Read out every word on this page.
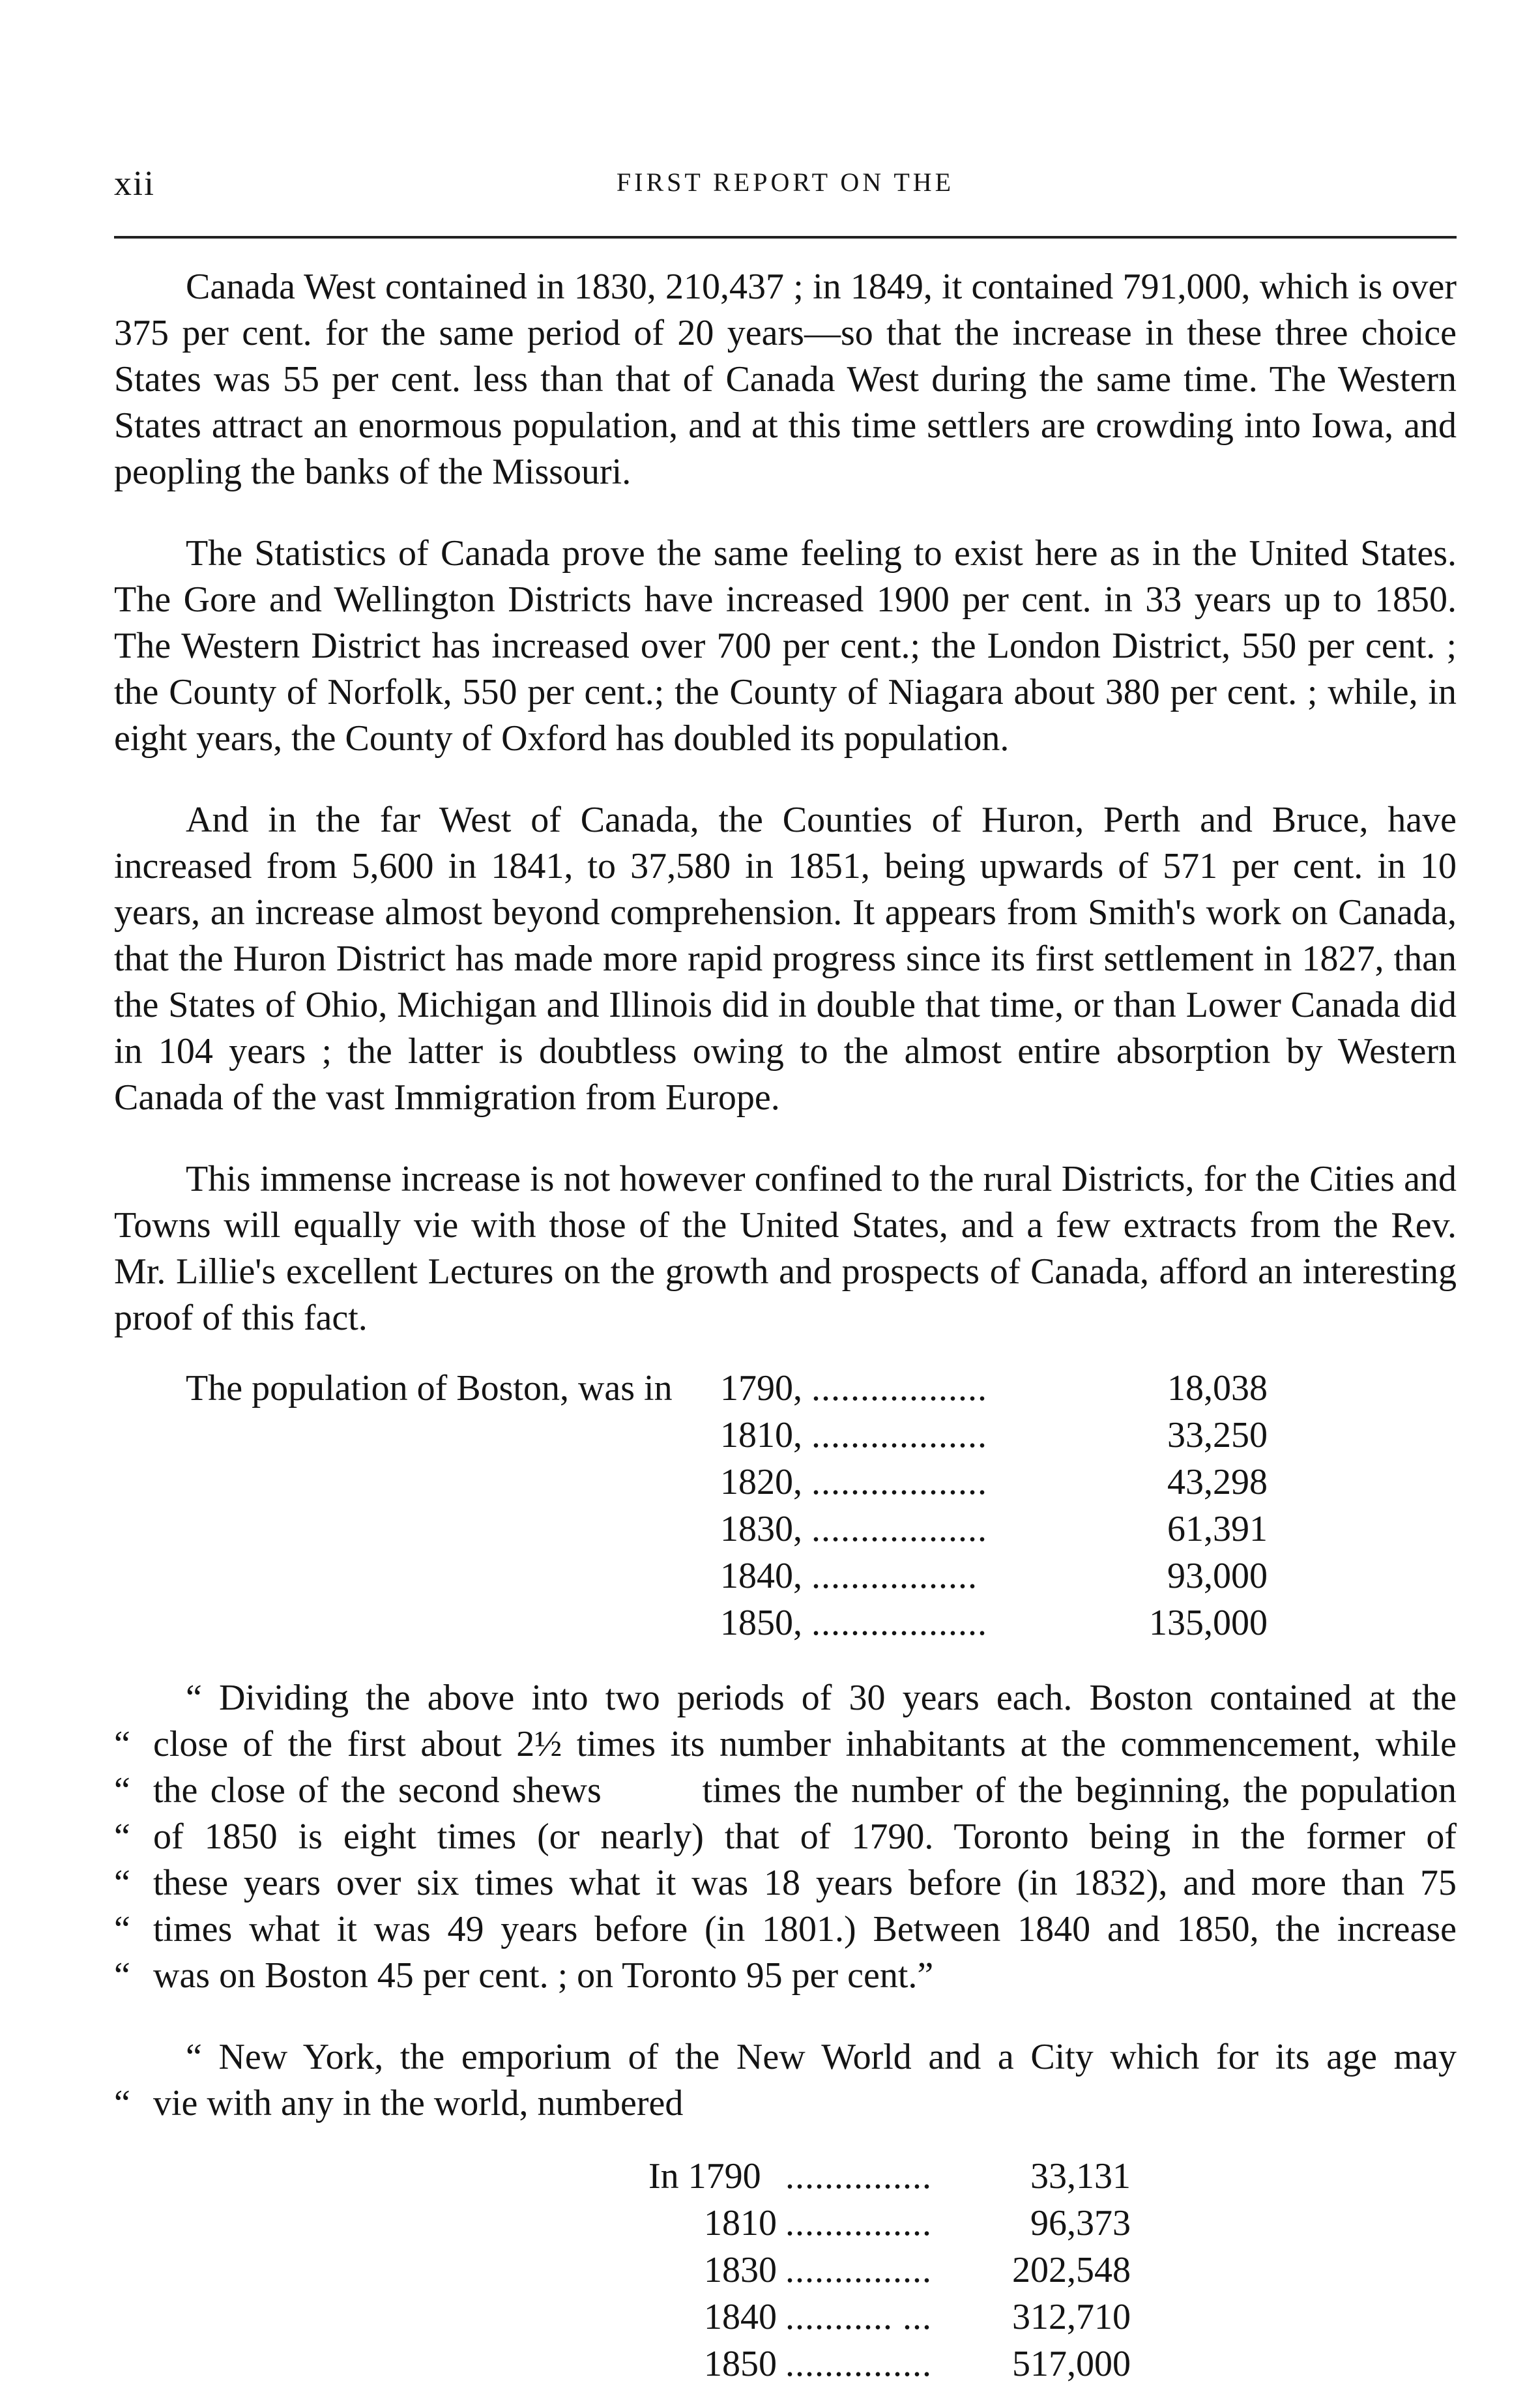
xii	FIRST REPORT ON THE

Canada West contained in 1830, 210,437 ; in 1849, it contained 791,000, which is over 375 per cent. for the same period of 20 years—so that the increase in these three choice States was 55 per cent. less than that of Canada West during the same time. The Western States attract an enormous population, and at this time settlers are crowding into Iowa, and peopling the banks of the Missouri.

The Statistics of Canada prove the same feeling to exist here as in the United States. The Gore and Wellington Districts have increased 1900 per cent. in 33 years up to 1850. The Western District has increased over 700 per cent.; the London District, 550 per cent. ; the County of Norfolk, 550 per cent.; the County of Niagara about 380 per cent. ; while, in eight years, the County of Oxford has doubled its population.

And in the far West of Canada, the Counties of Huron, Perth and Bruce, have increased from 5,600 in 1841, to 37,580 in 1851, being upwards of 571 per cent. in 10 years, an increase almost beyond comprehension. It appears from Smith's work on Canada, that the Huron District has made more rapid progress since its first settlement in 1827, than the States of Ohio, Michigan and Illinois did in double that time, or than Lower Canada did in 104 years ; the latter is doubtless owing to the almost entire absorption by Western Canada of the vast Immigration from Europe.

This immense increase is not however confined to the rural Districts, for the Cities and Towns will equally vie with those of the United States, and a few extracts from the Rev. Mr. Lillie's excellent Lectures on the growth and prospects of Canada, afford an interesting proof of this fact.

The population of Boston, was in 1790, ..................	18,038
1810, ..................	33,250
1820, ..................	43,298
1830, ..................	61,391
1840, .................	93,000
1850, ..................	135,000
“ Dividing the above into two periods of 30 years each. Boston contained at the
“ close of the first about 2½ times its number inhabitants at the commencement, while
“ the close of the second shews        times the number of the beginning, the population
“ of 1850 is eight times (or nearly) that of 1790. Toronto being in the former of
“ these years over six times what it was 18 years before (in 1832), and more than 75
“ times what it was 49 years before (in 1801.) Between 1840 and 1850, the increase
“ was on Boston 45 per cent. ; on Toronto 95 per cent.”
“ New York, the emporium of the New World and a City which for its age may
“ vie with any in the world, numbered
In 1790 ...............	33,131
1810 ...............	96,373
1830 ............... 202,548
1840 ........... ... 312,710
1850 ............... 517,000
